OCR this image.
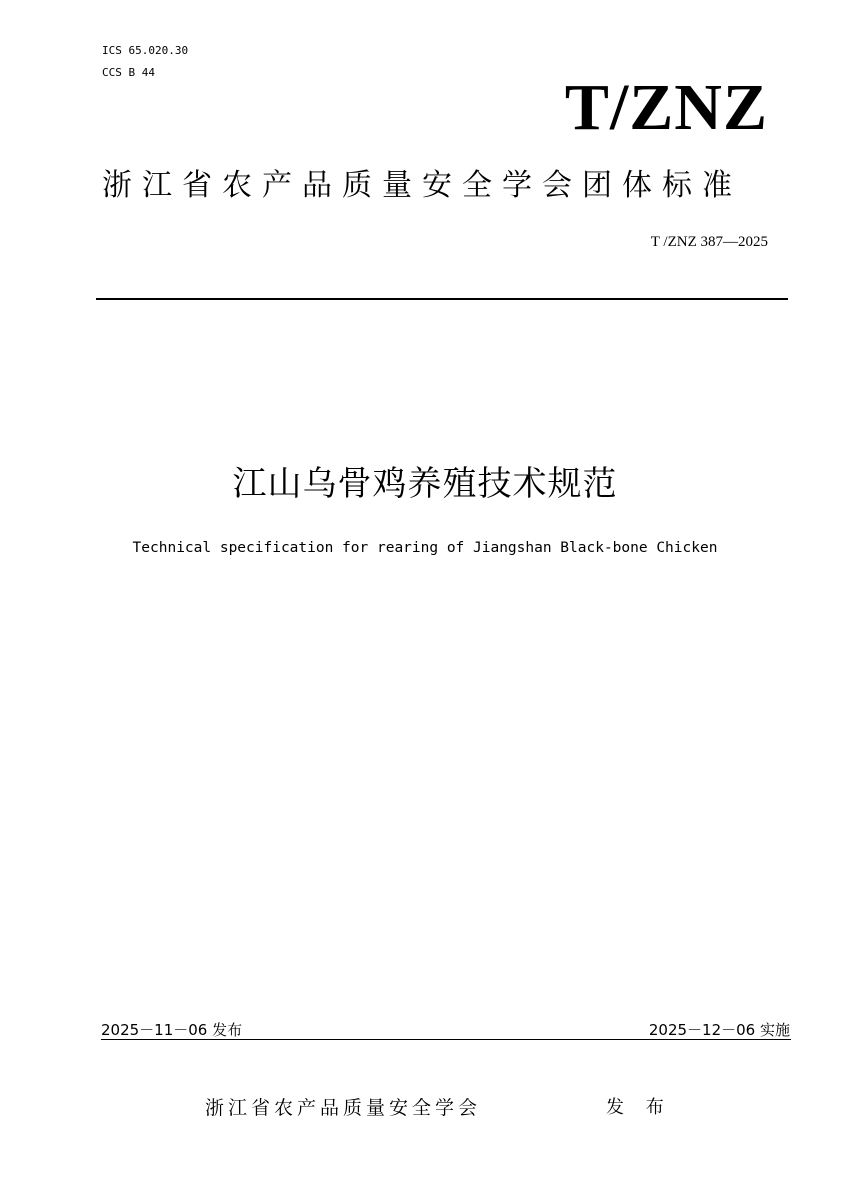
ICS 65.020.30
CCS B 44	T/ZNZ
浙江省农产品质量安全学会团体标准
T /ZNZ 387—2025
江山乌骨鸡养殖技术规范
Technical specification for rearing of Jiangshan Black-bone Chicken
2025－11－06 发布	2025－12－06 实施
浙江省农产品质量安全学会	发 布
